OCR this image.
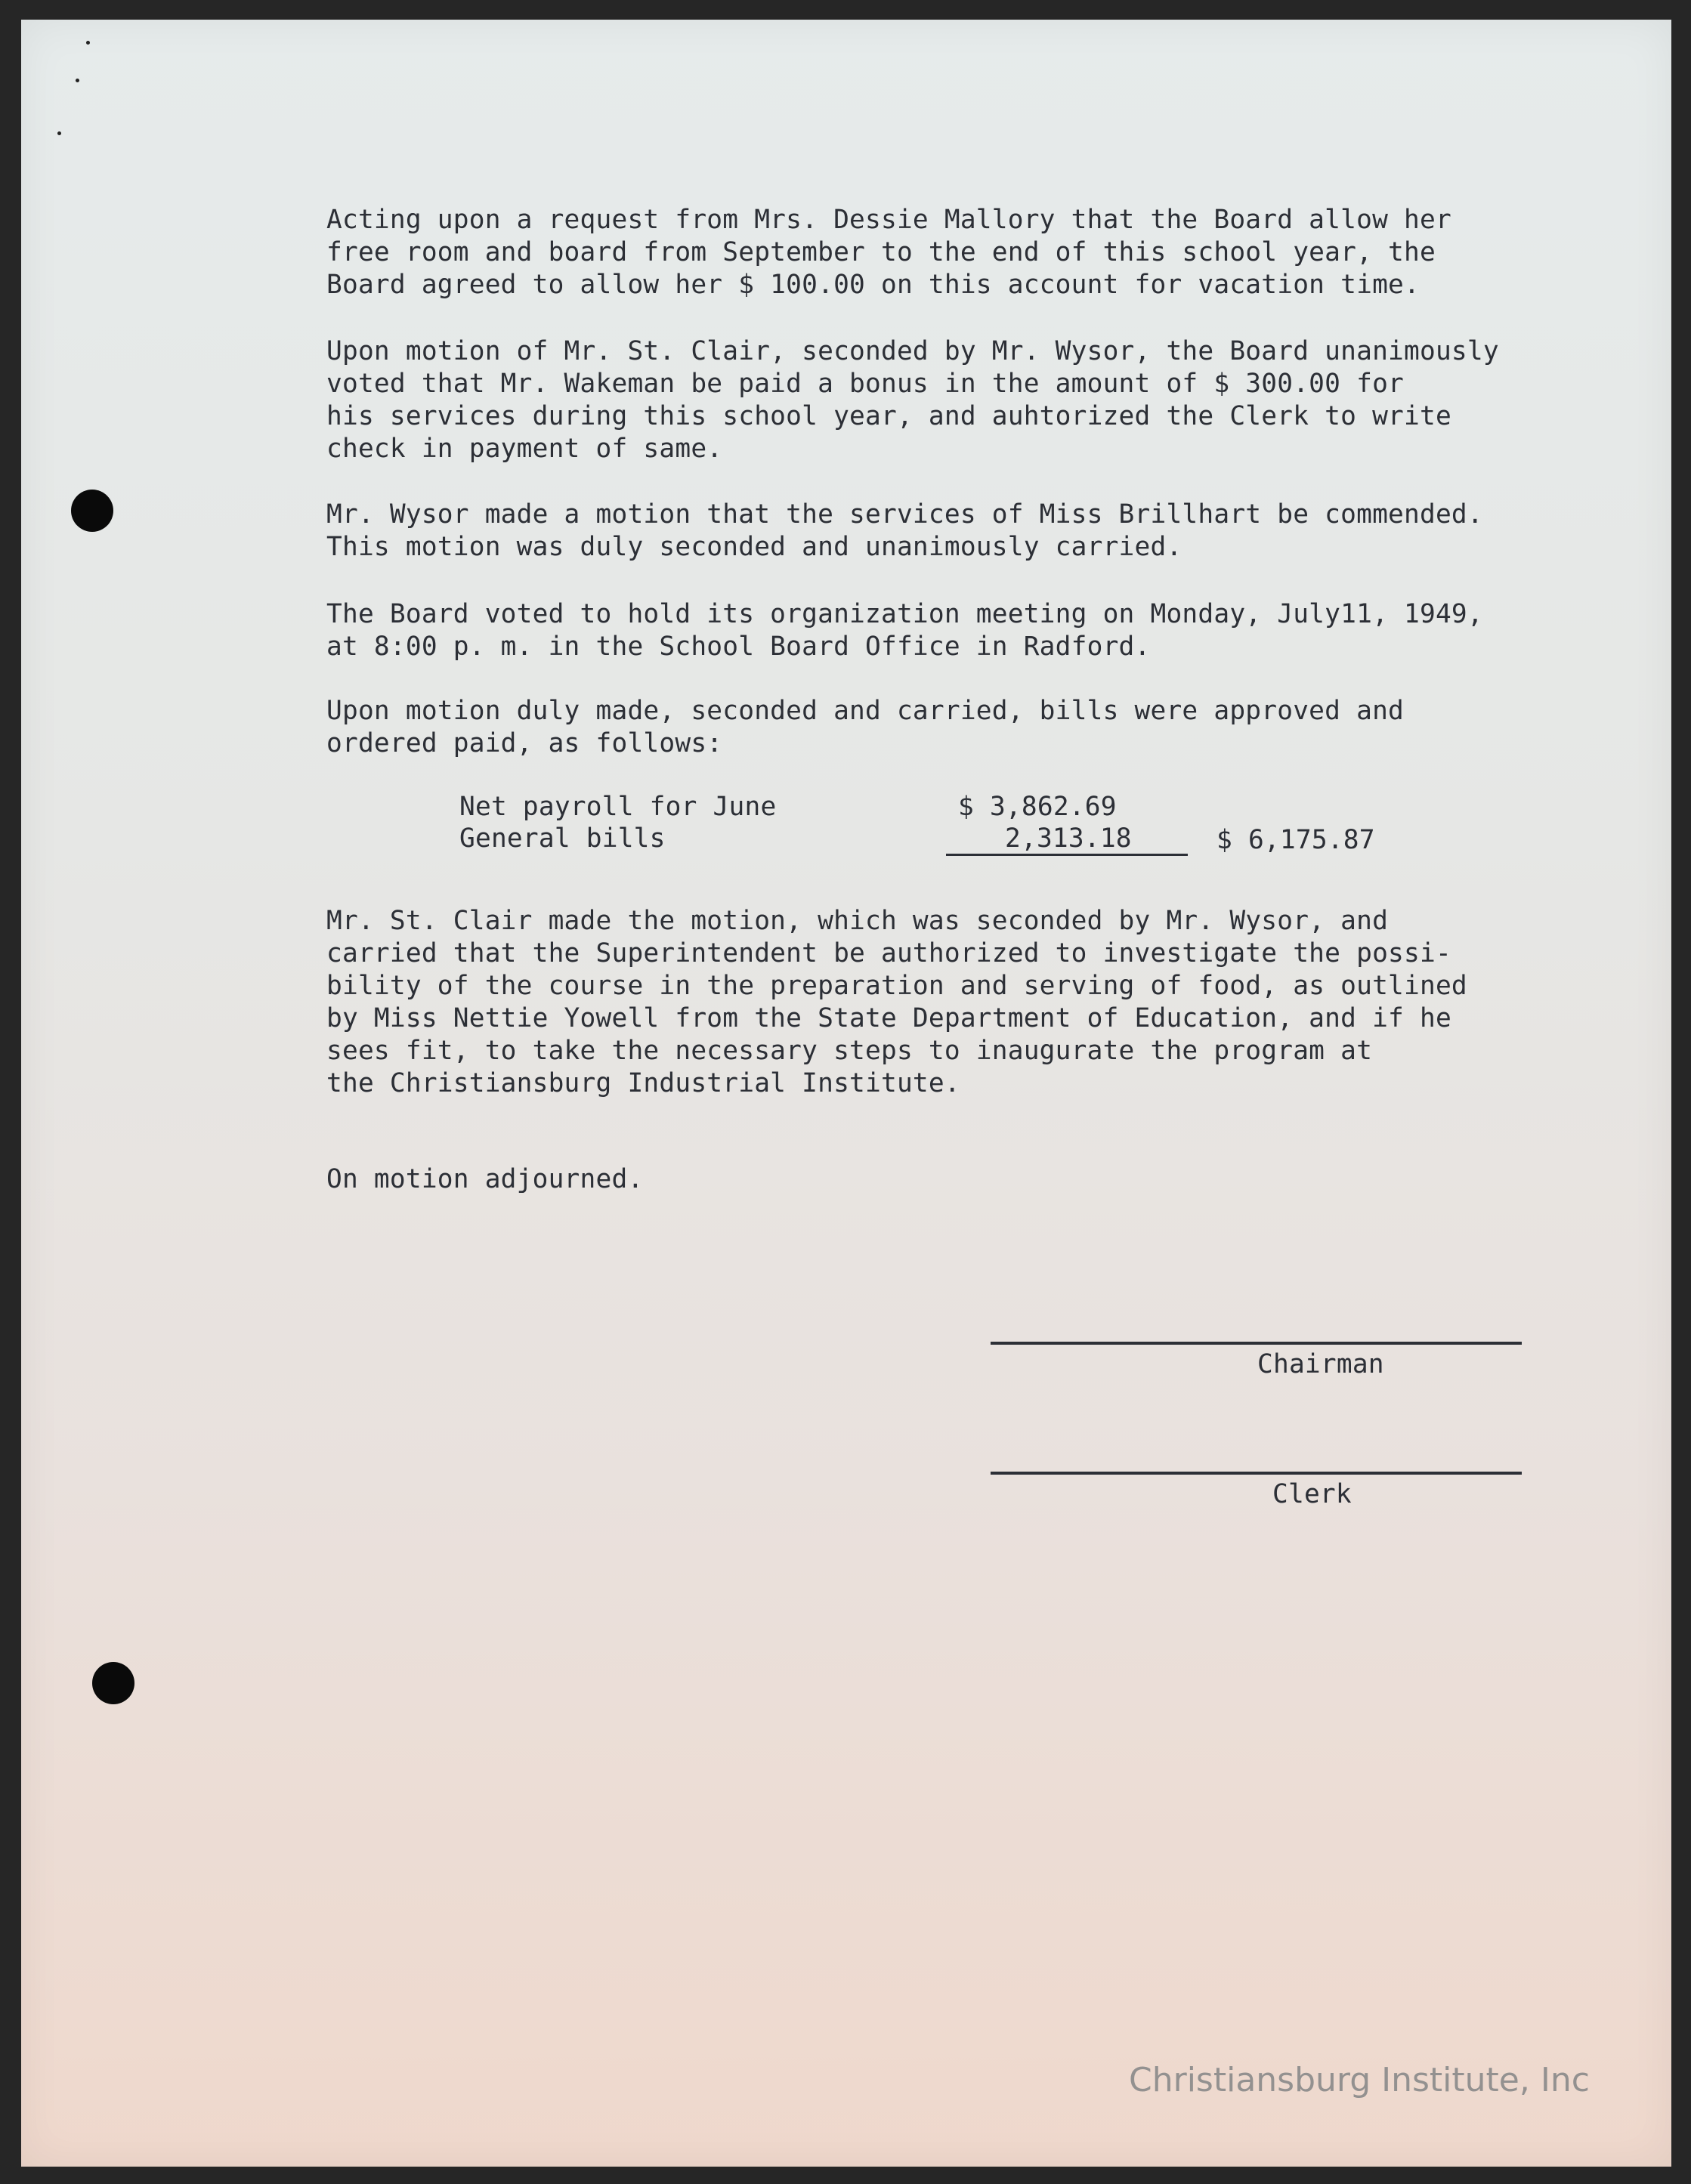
Acting upon a request from Mrs. Dessie Mallory that the Board allow her
free room and board from September to the end of this school year, the
Board agreed to allow her $ 100.00 on this account for vacation time.

Upon motion of Mr. St. Clair, seconded by Mr. Wysor, the Board unanimously
voted that Mr. Wakeman be paid a bonus in the amount of $ 300.00 for
his services during this school year, and auhtorized the Clerk to write
check in payment of same.

Mr. Wysor made a motion that the services of Miss Brillhart be commended.
This motion was duly seconded and unanimously carried.

The Board voted to hold its organization meeting on Monday, July11, 1949,
at 8:00 p. m. in the School Board Office in Radford.

Upon motion duly made, seconded and carried, bills were approved and
ordered paid, as follows:

Net payroll for June	$ 3,862.69
General bills	2,313.18	$ 6,175.87

Mr. St. Clair made the motion, which was seconded by Mr. Wysor, and
carried that the Superintendent be authorized to investigate the possi-
bility of the course in the preparation and serving of food, as outlined
by Miss Nettie Yowell from the State Department of Education, and if he
sees fit, to take the necessary steps to inaugurate the program at
the Christiansburg Industrial Institute.

On motion adjourned.

Chairman
Clerk
Christiansburg Institute, Inc
